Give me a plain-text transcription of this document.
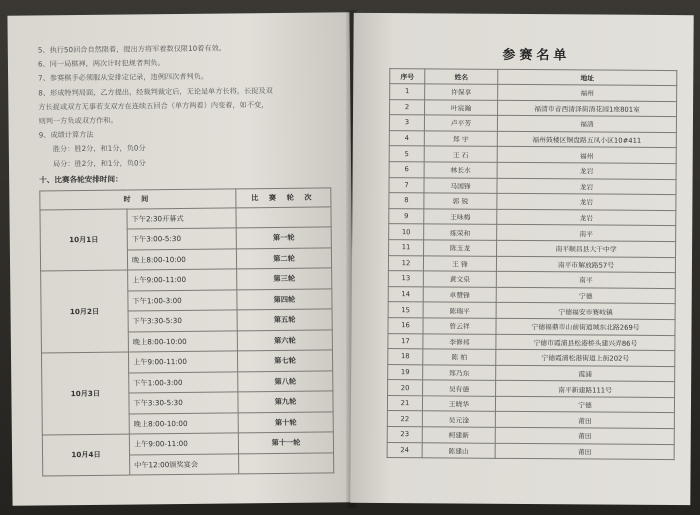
5、执行50回合自然限着，提出方将军着数仅限10着有效。

6、同一局棋禅，两次计时犯规者判负。

7、参赛棋手必须服从安排定记录，违例四次者判负。

8、形成特判局面，乙方提出，经裁判裁定后，无论是单方长将，长捉及双

方长捉或双方无事若支双方在连续五回合（单方两着）内变着，如不变，

则判一方负或双方作和。

9、成绩计算方法

胜分：胜2分，和1分，负0分

局分：胜2分，和1分，负0分

十、比赛各轮安排时间：
时 间		比 赛 轮 次
10月1日	下午2:30开幕式	
	下午3:00-5:30	第一轮
	晚上8:00-10:00	第二轮
10月2日	上午9:00-11:00	第三轮
	下午1:00-3:00	第四轮
	下午3:30-5:30	第五轮
	晚上8:00-10:00	第六轮
10月3日	上午9:00-11:00	第七轮
	下午1:00-3:00	第八轮
	下午3:30-5:30	第九轮
	晚上8:00-10:00	第十轮
10月4日	上午9:00-11:00	第十一轮
	中午12:00颁奖宴会	
参赛名单
序号	姓名	地址
1	许保享	福州
2	叶宸瀚	福清市音西清泽街清花园1座801室
3	卢平芳	福清
4	郑 宇	福州鼓楼区铜盘路五凤小区10#411
5	王 石	福州
6	林长水	龙岩
7	马国锋	龙岩
8	郭 锐	龙岩
9	王咏梅	龙岩
10	练荣和	南平
11	陈玉龙	南平顺昌县大干中学
12	王 锋	南平市解放路57号
13	黄文泉	南平
14	卓赞锋	宁德
15	陈瑞平	宁德福安市赛岐镇
16	曾云祥	宁德福鼎市山前街道城东北路269号
17	李修邦	宁德市霞浦县松港桥头建兴弄86号
18	陈 柏	宁德霞浦松港街道上街202号
19	郑乃东	霞浦
20	吴有德	南平新建路111号
21	王晓华	宁德
22	吴元淦	莆田
23	柯建新	莆田
24	陈建山	莆田
